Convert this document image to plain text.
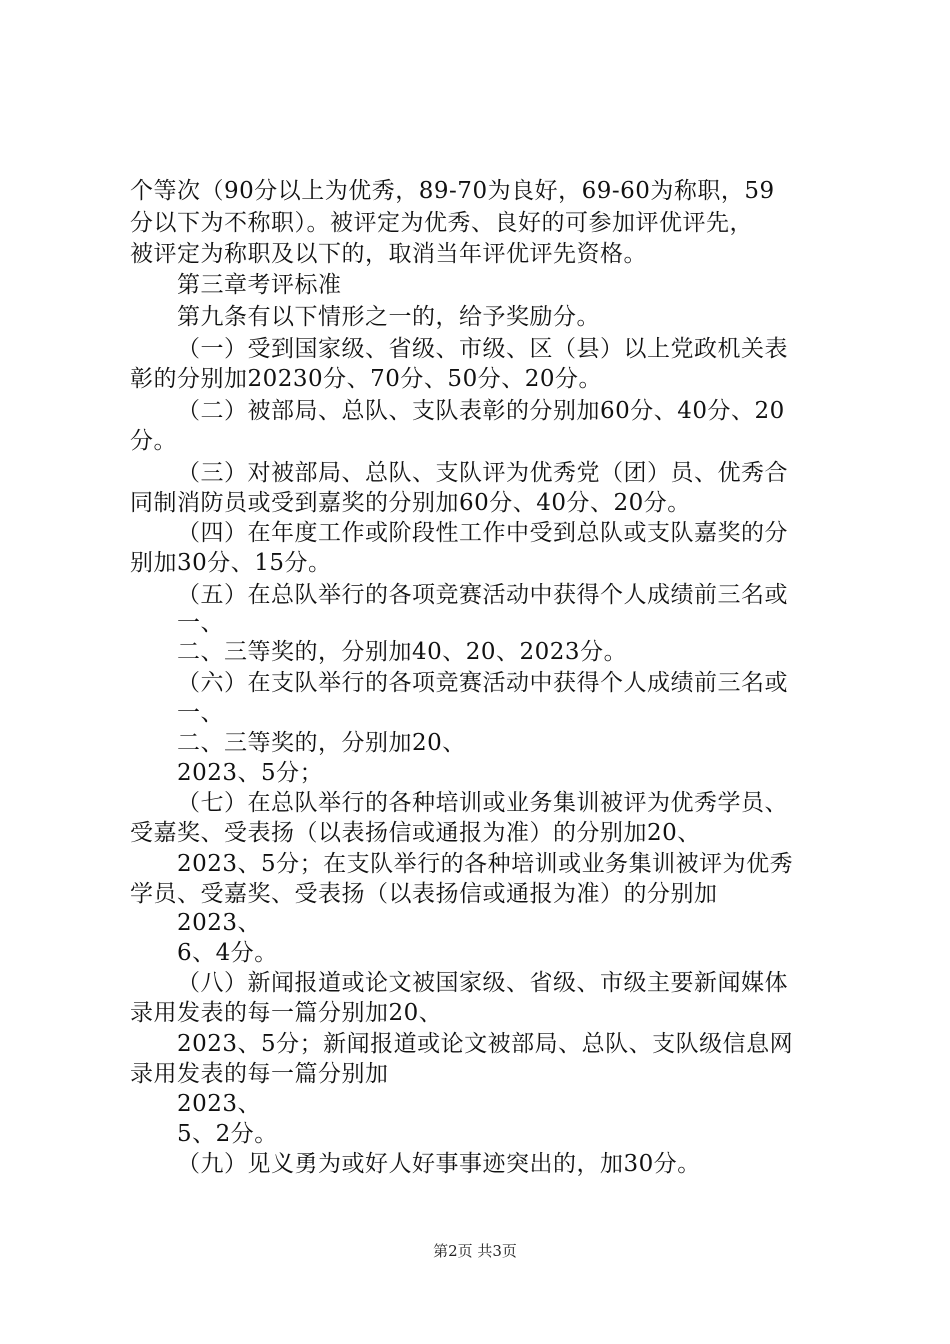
个等次（90分以上为优秀，89-70为良好，69-60为称职，59
分以下为不称职）。被评定为优秀、良好的可参加评优评先，
被评定为称职及以下的，取消当年评优评先资格。
第三章考评标准
第九条有以下情形之一的，给予奖励分。
（一）受到国家级、省级、市级、区（县）以上党政机关表
彰的分别加20230分、70分、50分、20分。
（二）被部局、总队、支队表彰的分别加60分、40分、20
分。
（三）对被部局、总队、支队评为优秀党（团）员、优秀合
同制消防员或受到嘉奖的分别加60分、40分、20分。
（四）在年度工作或阶段性工作中受到总队或支队嘉奖的分
别加30分、15分。
（五）在总队举行的各项竞赛活动中获得个人成绩前三名或
一、
二、三等奖的，分别加40、20、2023分。
（六）在支队举行的各项竞赛活动中获得个人成绩前三名或
一、
二、三等奖的，分别加20、
2023、5分；
（七）在总队举行的各种培训或业务集训被评为优秀学员、
受嘉奖、受表扬（以表扬信或通报为准）的分别加20、
2023、5分；在支队举行的各种培训或业务集训被评为优秀
学员、受嘉奖、受表扬（以表扬信或通报为准）的分别加
2023、
6、4分。
（八）新闻报道或论文被国家级、省级、市级主要新闻媒体
录用发表的每一篇分别加20、
2023、5分；新闻报道或论文被部局、总队、支队级信息网
录用发表的每一篇分别加
2023、
5、2分。
（九）见义勇为或好人好事事迹突出的，加30分。
第2页 共3页
